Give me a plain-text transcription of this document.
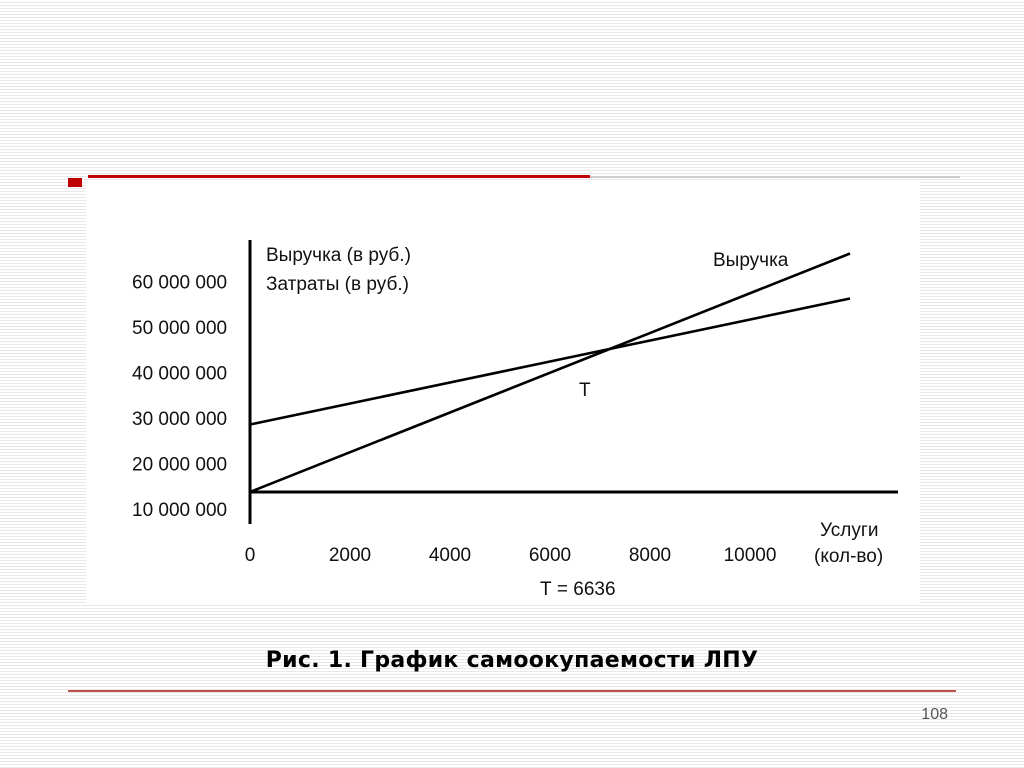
10 000 000
20 000 000
30 000 000
40 000 000
50 000 000
60 000 000
0	2000	4000	6000	8000	10000
Выручка (в руб.)
Затраты (в руб.)
Услуги
(кол-во)
Выручка
Т
Т = 6636
Рис. 1. График самоокупаемости ЛПУ
108
